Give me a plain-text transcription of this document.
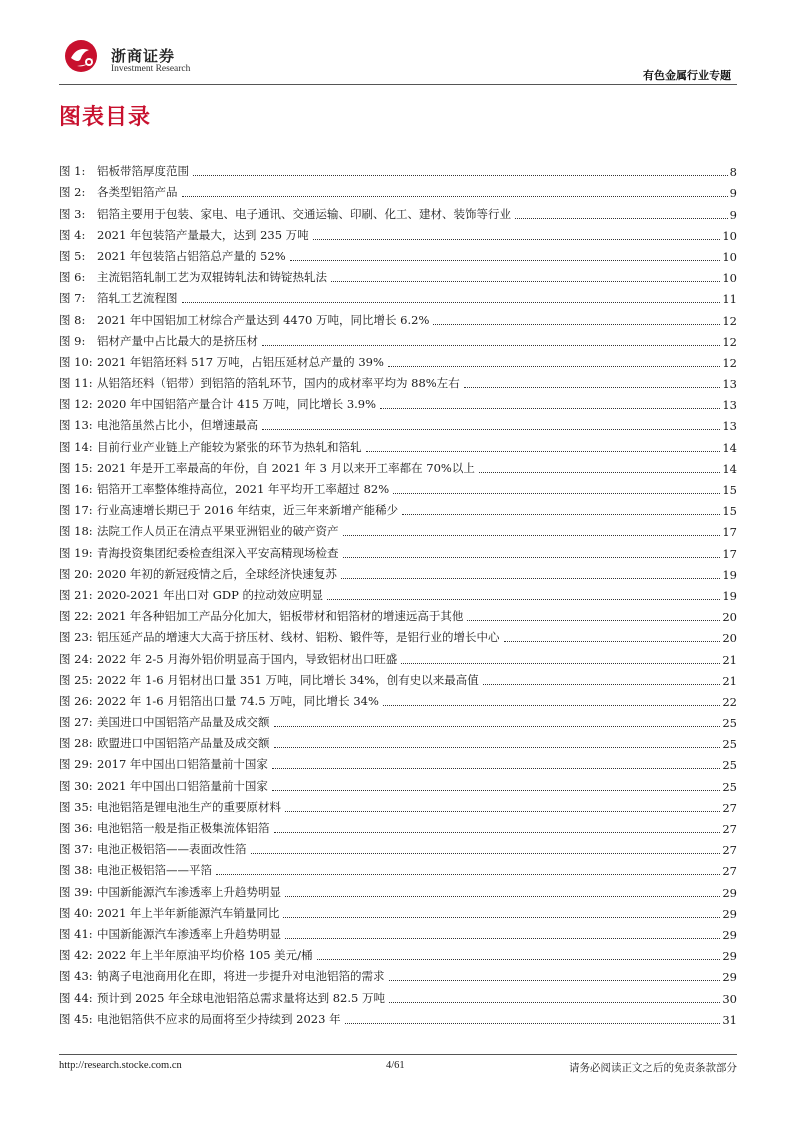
浙商证券
Investment Research	有色金属行业专题
图表目录
图 1:	铝板带箔厚度范围	8
图 2:	各类型铝箔产品	9
图 3:	铝箔主要用于包装、家电、电子通讯、交通运输、印刷、化工、建材、装饰等行业	9
图 4:	2021 年包装箔产量最大，达到 235 万吨	10
图 5:	2021 年包装箔占铝箔总产量的 52%	10
图 6:	主流铝箔轧制工艺为双辊铸轧法和铸锭热轧法	10
图 7:	箔轧工艺流程图	11
图 8:	2021 年中国铝加工材综合产量达到 4470 万吨，同比增长 6.2%	12
图 9:	铝材产量中占比最大的是挤压材	12
图 10: 2021 年铝箔坯料 517 万吨，占铝压延材总产量的 39%	12
图 11: 从铝箔坯料（铝带）到铝箔的箔轧环节，国内的成材率平均为 88%左右	13
图 12: 2020 年中国铝箔产量合计 415 万吨，同比增长 3.9%	13
图 13: 电池箔虽然占比小，但增速最高	13
图 14: 目前行业产业链上产能较为紧张的环节为热轧和箔轧	14
图 15: 2021 年是开工率最高的年份，自 2021 年 3 月以来开工率都在 70%以上	14
图 16: 铝箔开工率整体维持高位，2021 年平均开工率超过 82%	15
图 17: 行业高速增长期已于 2016 年结束，近三年来新增产能稀少	15
图 18: 法院工作人员正在清点平果亚洲铝业的破产资产	17
图 19: 青海投资集团纪委检查组深入平安高精现场检查	17
图 20: 2020 年初的新冠疫情之后，全球经济快速复苏	19
图 21: 2020-2021 年出口对 GDP 的拉动效应明显	19
图 22: 2021 年各种铝加工产品分化加大，铝板带材和铝箔材的增速远高于其他	20
图 23: 铝压延产品的增速大大高于挤压材、线材、铝粉、锻件等，是铝行业的增长中心	20
图 24: 2022 年 2-5 月海外铝价明显高于国内，导致铝材出口旺盛	21
图 25: 2022 年 1-6 月铝材出口量 351 万吨，同比增长 34%，创有史以来最高值	21
图 26: 2022 年 1-6 月铝箔出口量 74.5 万吨，同比增长 34%	22
图 27: 美国进口中国铝箔产品量及成交额	25
图 28: 欧盟进口中国铝箔产品量及成交额	25
图 29: 2017 年中国出口铝箔量前十国家	25
图 30: 2021 年中国出口铝箔量前十国家	25
图 35: 电池铝箔是锂电池生产的重要原材料	27
图 36: 电池铝箔一般是指正极集流体铝箔	27
图 37: 电池正极铝箔——表面改性箔	27
图 38: 电池正极铝箔——平箔	27
图 39: 中国新能源汽车渗透率上升趋势明显	29
图 40: 2021 年上半年新能源汽车销量同比	29
图 41: 中国新能源汽车渗透率上升趋势明显	29
图 42: 2022 年上半年原油平均价格 105 美元/桶	29
图 43: 钠离子电池商用化在即，将进一步提升对电池铝箔的需求	29
图 44: 预计到 2025 年全球电池铝箔总需求量将达到 82.5 万吨	30
图 45: 电池铝箔供不应求的局面将至少持续到 2023 年	31
http://research.stocke.com.cn	4/61	请务必阅读正文之后的免责条款部分
